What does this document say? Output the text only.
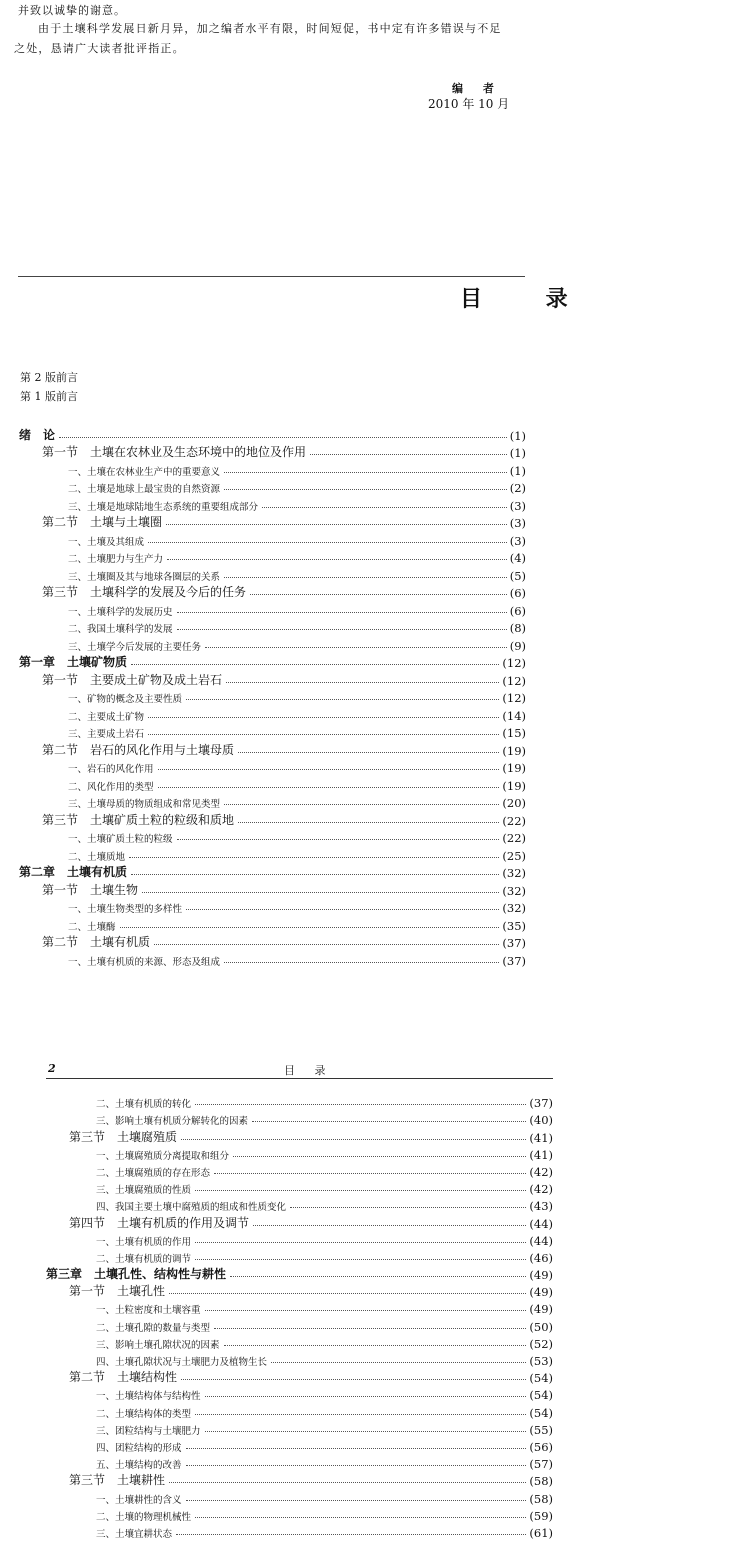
并致以诚挚的谢意。
由于土壤科学发展日新月异，加之编者水平有限，时间短促，书中定有许多错误与不足
之处，恳请广大读者批评指正。
编 者
2010 年 10 月
目 录
第 2 版前言
第 1 版前言
绪　论	(1)
第一节　土壤在农林业及生态环境中的地位及作用	(1)
一、土壤在农林业生产中的重要意义	(1)
二、土壤是地球上最宝贵的自然资源	(2)
三、土壤是地球陆地生态系统的重要组成部分	(3)
第二节　土壤与土壤圈	(3)
一、土壤及其组成	(3)
二、土壤肥力与生产力	(4)
三、土壤圈及其与地球各圈层的关系	(5)
第三节　土壤科学的发展及今后的任务	(6)
一、土壤科学的发展历史	(6)
二、我国土壤科学的发展	(8)
三、土壤学今后发展的主要任务	(9)
第一章　土壤矿物质	(12)
第一节　主要成土矿物及成土岩石	(12)
一、矿物的概念及主要性质	(12)
二、主要成土矿物	(14)
三、主要成土岩石	(15)
第二节　岩石的风化作用与土壤母质	(19)
一、岩石的风化作用	(19)
二、风化作用的类型	(19)
三、土壤母质的物质组成和常见类型	(20)
第三节　土壤矿质土粒的粒级和质地	(22)
一、土壤矿质土粒的粒级	(22)
二、土壤质地	(25)
第二章　土壤有机质	(32)
第一节　土壤生物	(32)
一、土壤生物类型的多样性	(32)
二、土壤酶	(35)
第二节　土壤有机质	(37)
一、土壤有机质的来源、形态及组成	(37)
2	目 录
二、土壤有机质的转化	(37)
三、影响土壤有机质分解转化的因素	(40)
第三节　土壤腐殖质	(41)
一、土壤腐殖质分离提取和组分	(41)
二、土壤腐殖质的存在形态	(42)
三、土壤腐殖质的性质	(42)
四、我国主要土壤中腐殖质的组成和性质变化	(43)
第四节　土壤有机质的作用及调节	(44)
一、土壤有机质的作用	(44)
二、土壤有机质的调节	(46)
第三章　土壤孔性、结构性与耕性	(49)
第一节　土壤孔性	(49)
一、土粒密度和土壤容重	(49)
二、土壤孔隙的数量与类型	(50)
三、影响土壤孔隙状况的因素	(52)
四、土壤孔隙状况与土壤肥力及植物生长	(53)
第二节　土壤结构性	(54)
一、土壤结构体与结构性	(54)
二、土壤结构体的类型	(54)
三、团粒结构与土壤肥力	(55)
四、团粒结构的形成	(56)
五、土壤结构的改善	(57)
第三节　土壤耕性	(58)
一、土壤耕性的含义	(58)
二、土壤的物理机械性	(59)
三、土壤宜耕状态	(61)
